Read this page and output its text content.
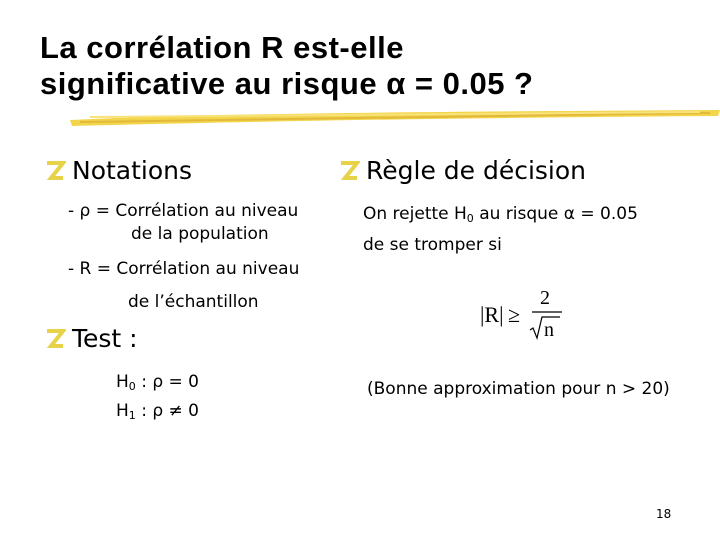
La corrélation R est-elle
significative au risque α = 0.05 ?
Notations
- ρ = Corrélation au niveau
de la population
- R = Corrélation au niveau
de l’échantillon
Test :
H0 : ρ = 0
H1 : ρ ≠ 0
Règle de décision
On rejette H0 au risque α = 0.05
de se tromper si
|R| ≥
2
n
(Bonne approximation pour n > 20)
18
